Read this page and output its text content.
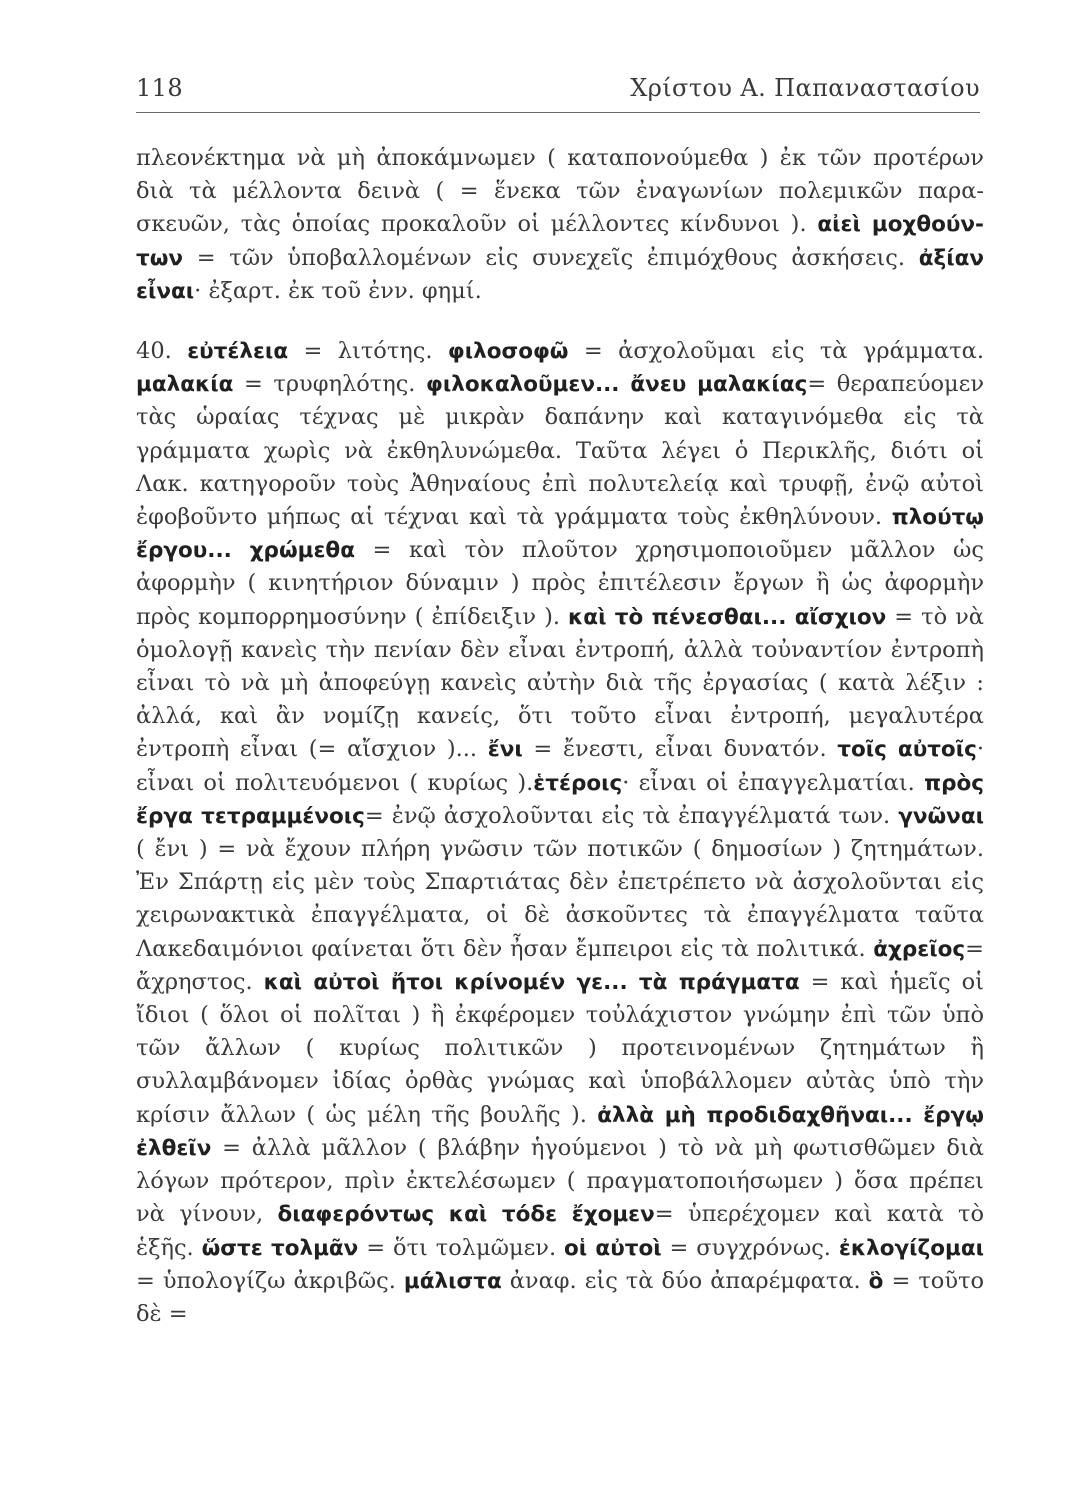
118	Χρίστου Α. Παπαναστασίου

πλεονέκτημα νὰ μὴ ἀποκάμνωμεν ( καταπονούμεθα ) ἐκ τῶν προτέρων διὰ τὰ μέλλοντα δεινὰ ( = ἕνεκα τῶν ἐναγωνίων πολεμικῶν παρασκευῶν, τὰς ὁποίας προκαλοῦν οἱ μέλλοντες κίνδυνοι ). αἰεὶ μοχθούντων = τῶν ὑποβαλλομένων εἰς συνεχεῖς ἐπιμόχθους ἀσκήσεις. ἀξίαν εἶναι· ἐξαρτ. ἐκ τοῦ ἐνν. φημί.

40. εὐτέλεια = λιτότης. φιλοσοφῶ = ἀσχολοῦμαι εἰς τὰ γράμματα. μαλακία = τρυφηλότης. φιλοκαλοῦμεν... ἄνευ μαλακίας= θεραπεύομεν τὰς ὡραίας τέχνας μὲ μικρὰν δαπάνην καὶ καταγινόμεθα εἰς τὰ γράμματα χωρὶς νὰ ἐκθηλυνώμεθα. Ταῦτα λέγει ὁ Περικλῆς, διότι οἱ Λακ. κατηγοροῦν τοὺς Ἀθηναίους ἐπὶ πολυτελείᾳ καὶ τρυφῇ, ἐνῷ αὐτοὶ ἐφοβοῦντο μήπως αἱ τέχναι καὶ τὰ γράμματα τοὺς ἐκθηλύνουν. πλούτῳ ἔργου... χρώμεθα = καὶ τὸν πλοῦτον χρησιμοποιοῦμεν μᾶλλον ὡς ἀφορμὴν ( κινητήριον δύναμιν ) πρὸς ἐπιτέλεσιν ἔργων ἢ ὡς ἀφορμὴν πρὸς κομπορρημοσύνην ( ἐπίδειξιν ). καὶ τὸ πένεσθαι... αἴσχιον = τὸ νὰ ὁμολογῇ κανεὶς τὴν πενίαν δὲν εἶναι ἐντροπή, ἀλλὰ τοὐναντίον ἐντροπὴ εἶναι τὸ νὰ μὴ ἀποφεύγῃ κανεὶς αὐτὴν διὰ τῆς ἐργασίας ( κατὰ λέξιν : ἀλλά, καὶ ἂν νομίζῃ κανείς, ὅτι τοῦτο εἶναι ἐντροπή, μεγαλυτέρα ἐντροπὴ εἶναι (= αἴσχιον )... ἔνι = ἔνεστι, εἶναι δυνατόν. τοῖς αὐτοῖς· εἶναι οἱ πολιτευόμενοι ( κυρίως ).ἑτέροις· εἶναι οἱ ἐπαγγελματίαι. πρὸς ἔργα τετραμμένοις= ἐνῷ ἀσχολοῦνται εἰς τὰ ἐπαγγέλματά των. γνῶναι ( ἔνι ) = νὰ ἔχουν πλήρη γνῶσιν τῶν ποτικῶν ( δημοσίων ) ζητημάτων. Ἐν Σπάρτῃ εἰς μὲν τοὺς Σπαρτιάτας δὲν ἐπετρέπετο νὰ ἀσχολοῦνται εἰς χειρωνακτικὰ ἐπαγγέλματα, οἱ δὲ ἀσκοῦντες τὰ ἐπαγγέλματα ταῦτα Λακεδαιμόνιοι φαίνεται ὅτι δὲν ἦσαν ἔμπειροι εἰς τὰ πολιτικά. ἀχρεῖος= ἄχρηστος. καὶ αὐτοὶ ἤτοι κρίνομέν γε... τὰ πράγματα = καὶ ἡμεῖς οἱ ἴδιοι ( ὅλοι οἱ πολῖται ) ἢ ἐκφέρομεν τοὐλάχιστον γνώμην ἐπὶ τῶν ὑπὸ τῶν ἄλλων ( κυρίως πολιτικῶν ) προτεινομένων ζητημάτων ἢ συλλαμβάνομεν ἰδίας ὀρθὰς γνώμας καὶ ὑποβάλλομεν αὐτὰς ὑπὸ τὴν κρίσιν ἄλλων ( ὡς μέλη τῆς βουλῆς ). ἀλλὰ μὴ προδιδαχθῆναι... ἔργῳ ἐλθεῖν = ἀλλὰ μᾶλλον ( βλάβην ἡγούμενοι ) τὸ νὰ μὴ φωτισθῶμεν διὰ λόγων πρότερον, πρὶν ἐκτελέσωμεν ( πραγματοποιήσωμεν ) ὅσα πρέπει νὰ γίνουν, διαφερόντως καὶ τόδε ἔχομεν= ὑπερέχομεν καὶ κατὰ τὸ ἑξῆς. ὥστε τολμᾶν = ὅτι τολμῶμεν. οἱ αὐτοὶ = συγχρόνως. ἐκλογίζομαι = ὑπολογίζω ἀκριβῶς. μάλιστα ἀναφ. εἰς τὰ δύο ἀπαρέμφατα. ὃ = τοῦτο δὲ =
